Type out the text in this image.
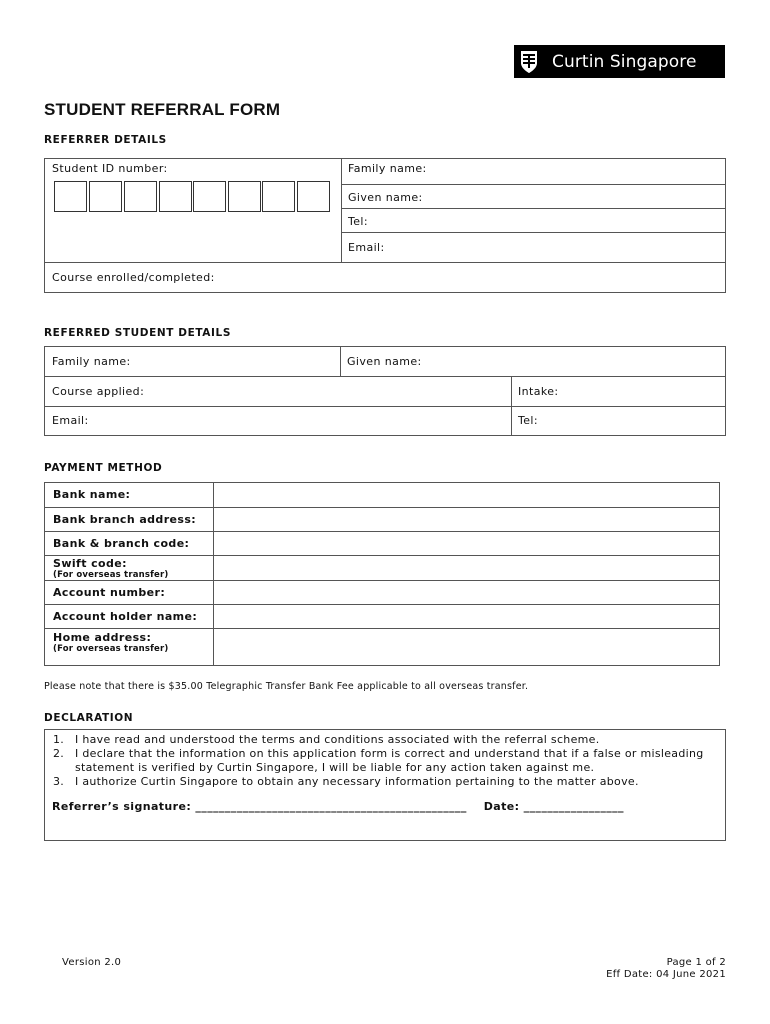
Curtin Singapore
STUDENT REFERRAL FORM
REFERRER DETAILS
Student ID number:	Family name:
Given name:
Tel:
Email:
Course enrolled/completed:
REFERRED STUDENT DETAILS
Family name:	Given name:
Course applied:	Intake:
Email:	Tel:
PAYMENT METHOD
Bank name:
Bank branch address:
Bank & branch code:
Swift code:
(For overseas transfer)
Account number:
Account holder name:
Home address:
(For overseas transfer)
Please note that there is $35.00 Telegraphic Transfer Bank Fee applicable to all overseas transfer.
DECLARATION
1. I have read and understood the terms and conditions associated with the referral scheme.
2. I declare that the information on this application form is correct and understand that if a false or misleading statement is verified by Curtin Singapore, I will be liable for any action taken against me.
3. I authorize Curtin Singapore to obtain any necessary information pertaining to the matter above.
Referrer’s signature: ______________________________________________ Date: _________________
Version 2.0	Page 1 of 2
Eff Date: 04 June 2021
